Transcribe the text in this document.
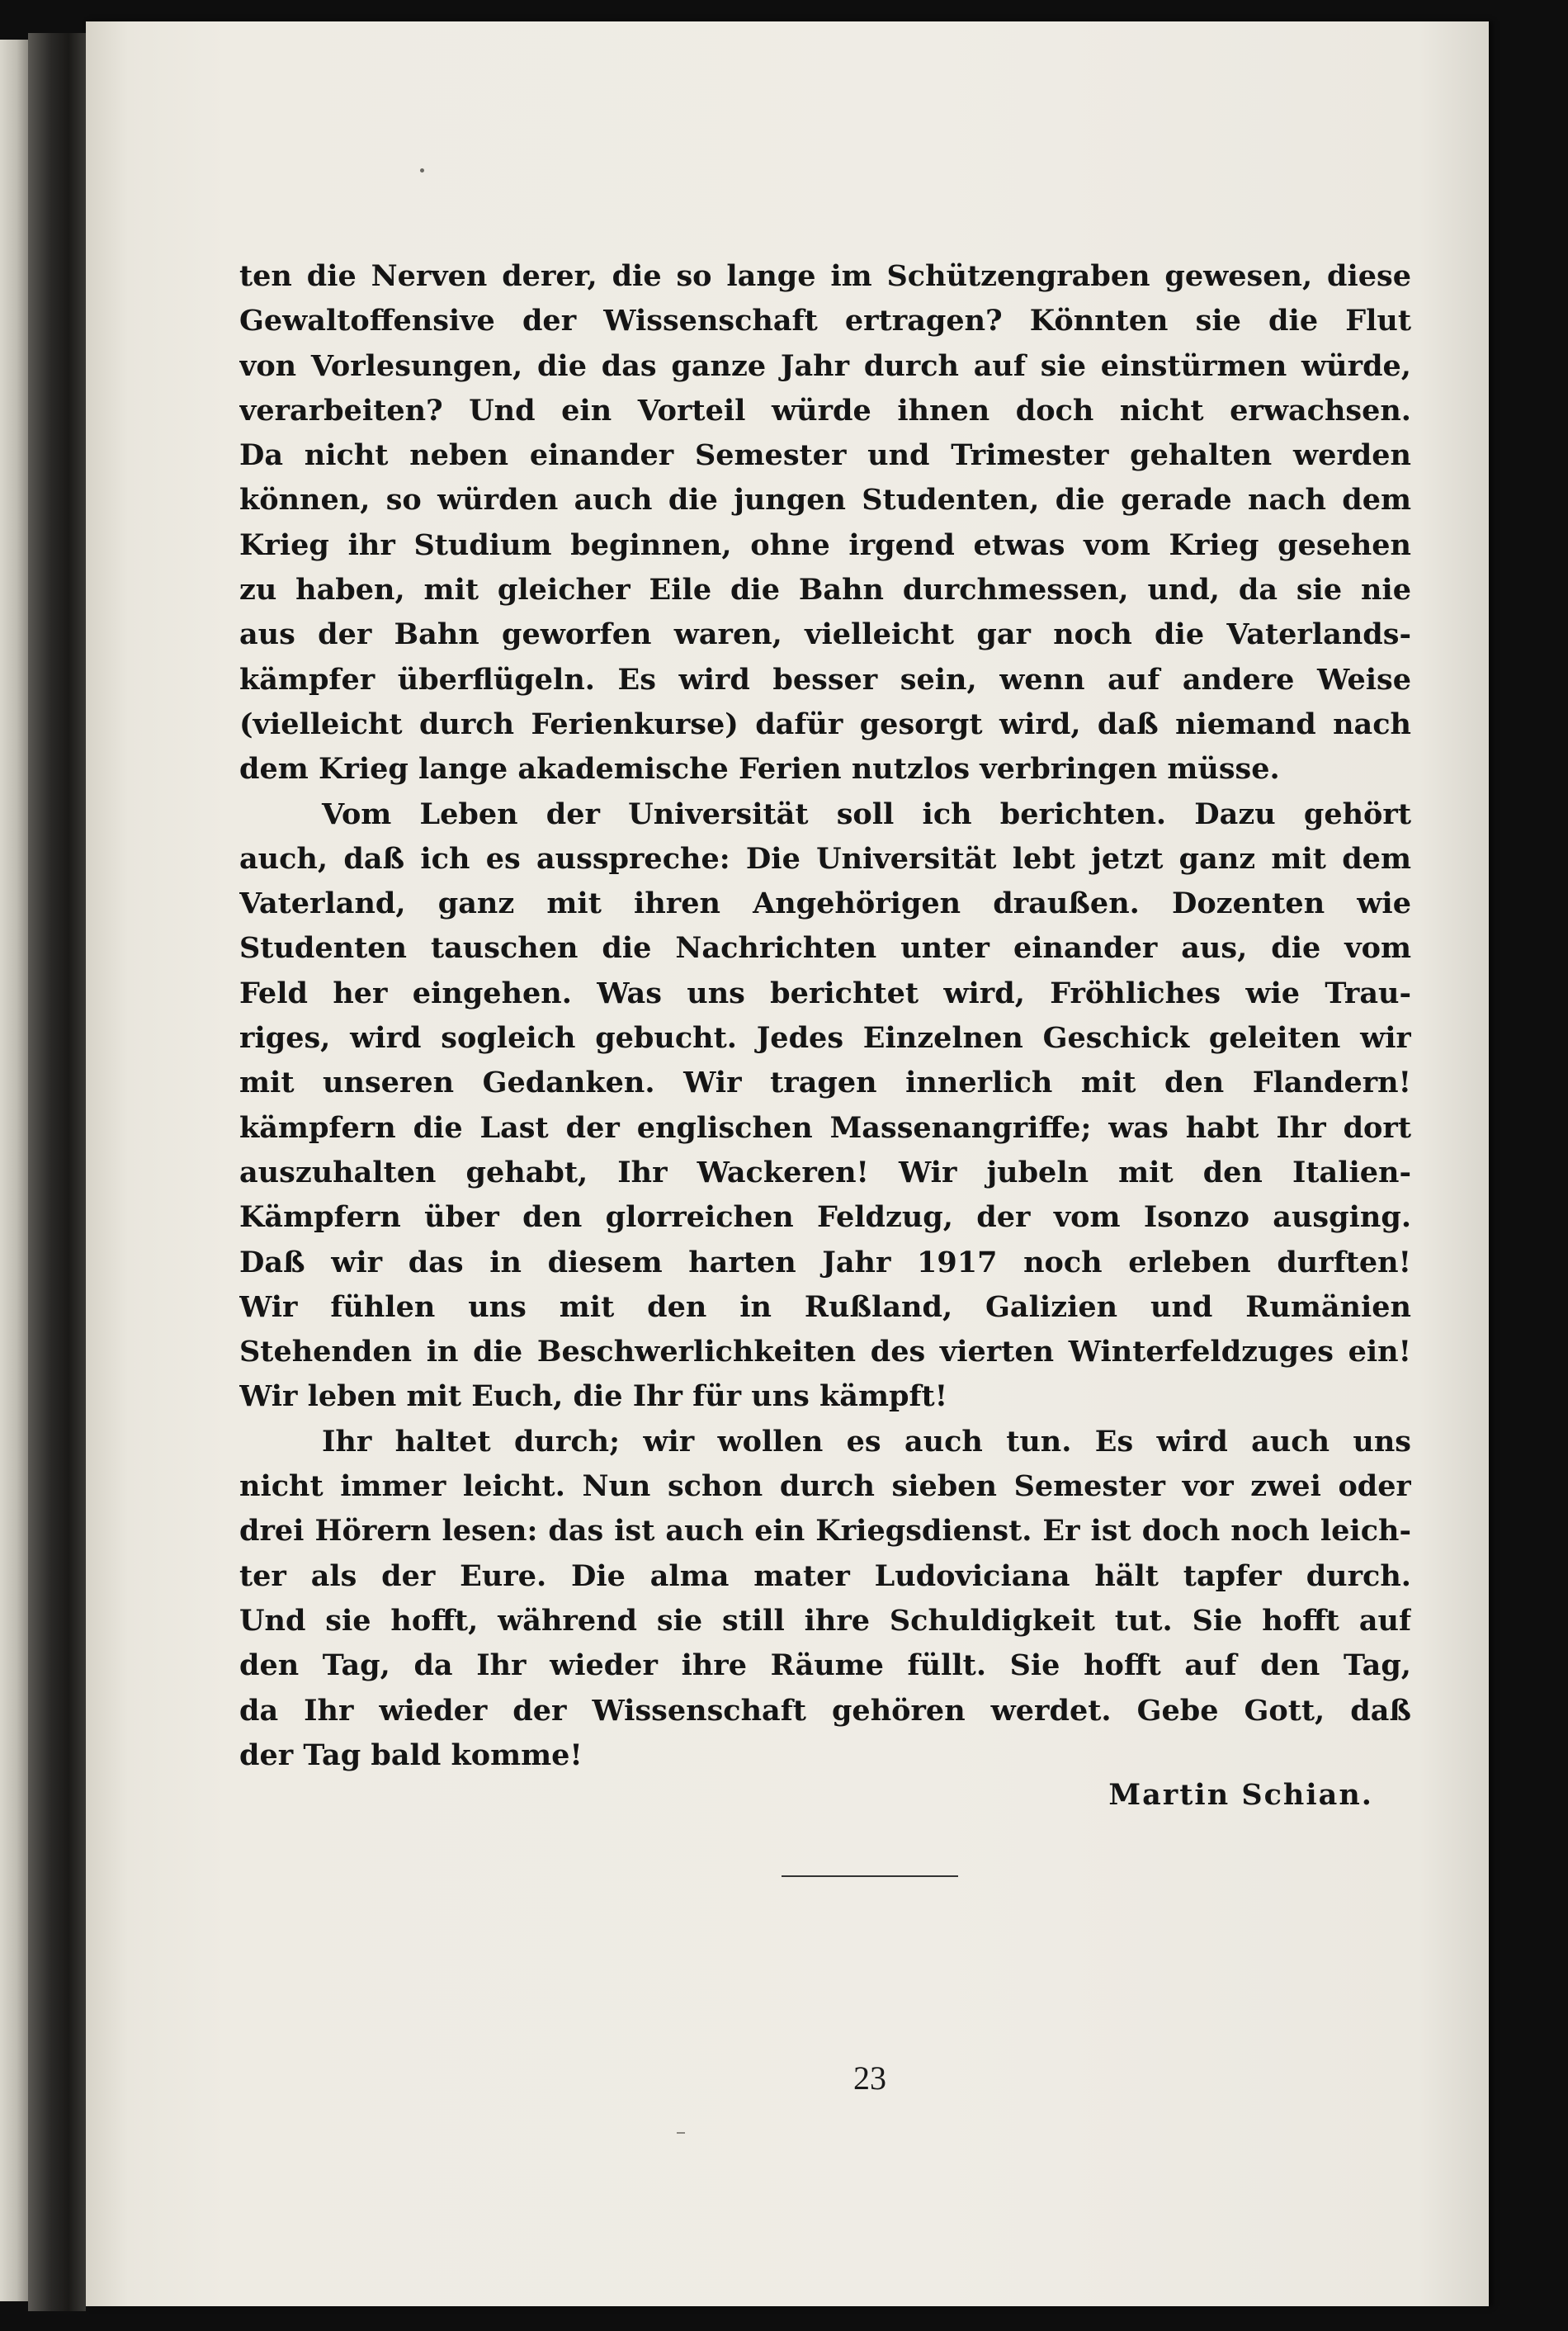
ten die Nerven derer, die so lange im Schützengraben gewesen, diese
Gewaltoffensive der Wissenschaft ertragen? Könnten sie die Flut
von Vorlesungen, die das ganze Jahr durch auf sie einstürmen würde,
verarbeiten? Und ein Vorteil würde ihnen doch nicht erwachsen.
Da nicht neben einander Semester und Trimester gehalten werden
können, so würden auch die jungen Studenten, die gerade nach dem
Krieg ihr Studium beginnen, ohne irgend etwas vom Krieg gesehen
zu haben, mit gleicher Eile die Bahn durchmessen, und, da sie nie
aus der Bahn geworfen waren, vielleicht gar noch die Vaterlands-
kämpfer überflügeln. Es wird besser sein, wenn auf andere Weise
(vielleicht durch Ferienkurse) dafür gesorgt wird, daß niemand nach
dem Krieg lange akademische Ferien nutzlos verbringen müsse.
Vom Leben der Universität soll ich berichten. Dazu gehört
auch, daß ich es ausspreche: Die Universität lebt jetzt ganz mit dem
Vaterland, ganz mit ihren Angehörigen draußen. Dozenten wie
Studenten tauschen die Nachrichten unter einander aus, die vom
Feld her eingehen. Was uns berichtet wird, Fröhliches wie Trau-
riges, wird sogleich gebucht. Jedes Einzelnen Geschick geleiten wir
mit unseren Gedanken. Wir tragen innerlich mit den Flandern!
kämpfern die Last der englischen Massenangriffe; was habt Ihr dort
auszuhalten gehabt, Ihr Wackeren! Wir jubeln mit den Italien-
Kämpfern über den glorreichen Feldzug, der vom Isonzo ausging.
Daß wir das in diesem harten Jahr 1917 noch erleben durften!
Wir fühlen uns mit den in Rußland, Galizien und Rumänien
Stehenden in die Beschwerlichkeiten des vierten Winterfeldzuges ein!
Wir leben mit Euch, die Ihr für uns kämpft!
Ihr haltet durch; wir wollen es auch tun. Es wird auch uns
nicht immer leicht. Nun schon durch sieben Semester vor zwei oder
drei Hörern lesen: das ist auch ein Kriegsdienst. Er ist doch noch leich-
ter als der Eure. Die alma mater Ludoviciana hält tapfer durch.
Und sie hofft, während sie still ihre Schuldigkeit tut. Sie hofft auf
den Tag, da Ihr wieder ihre Räume füllt. Sie hofft auf den Tag,
da Ihr wieder der Wissenschaft gehören werdet. Gebe Gott, daß
der Tag bald komme!
Martin Schian.
23
